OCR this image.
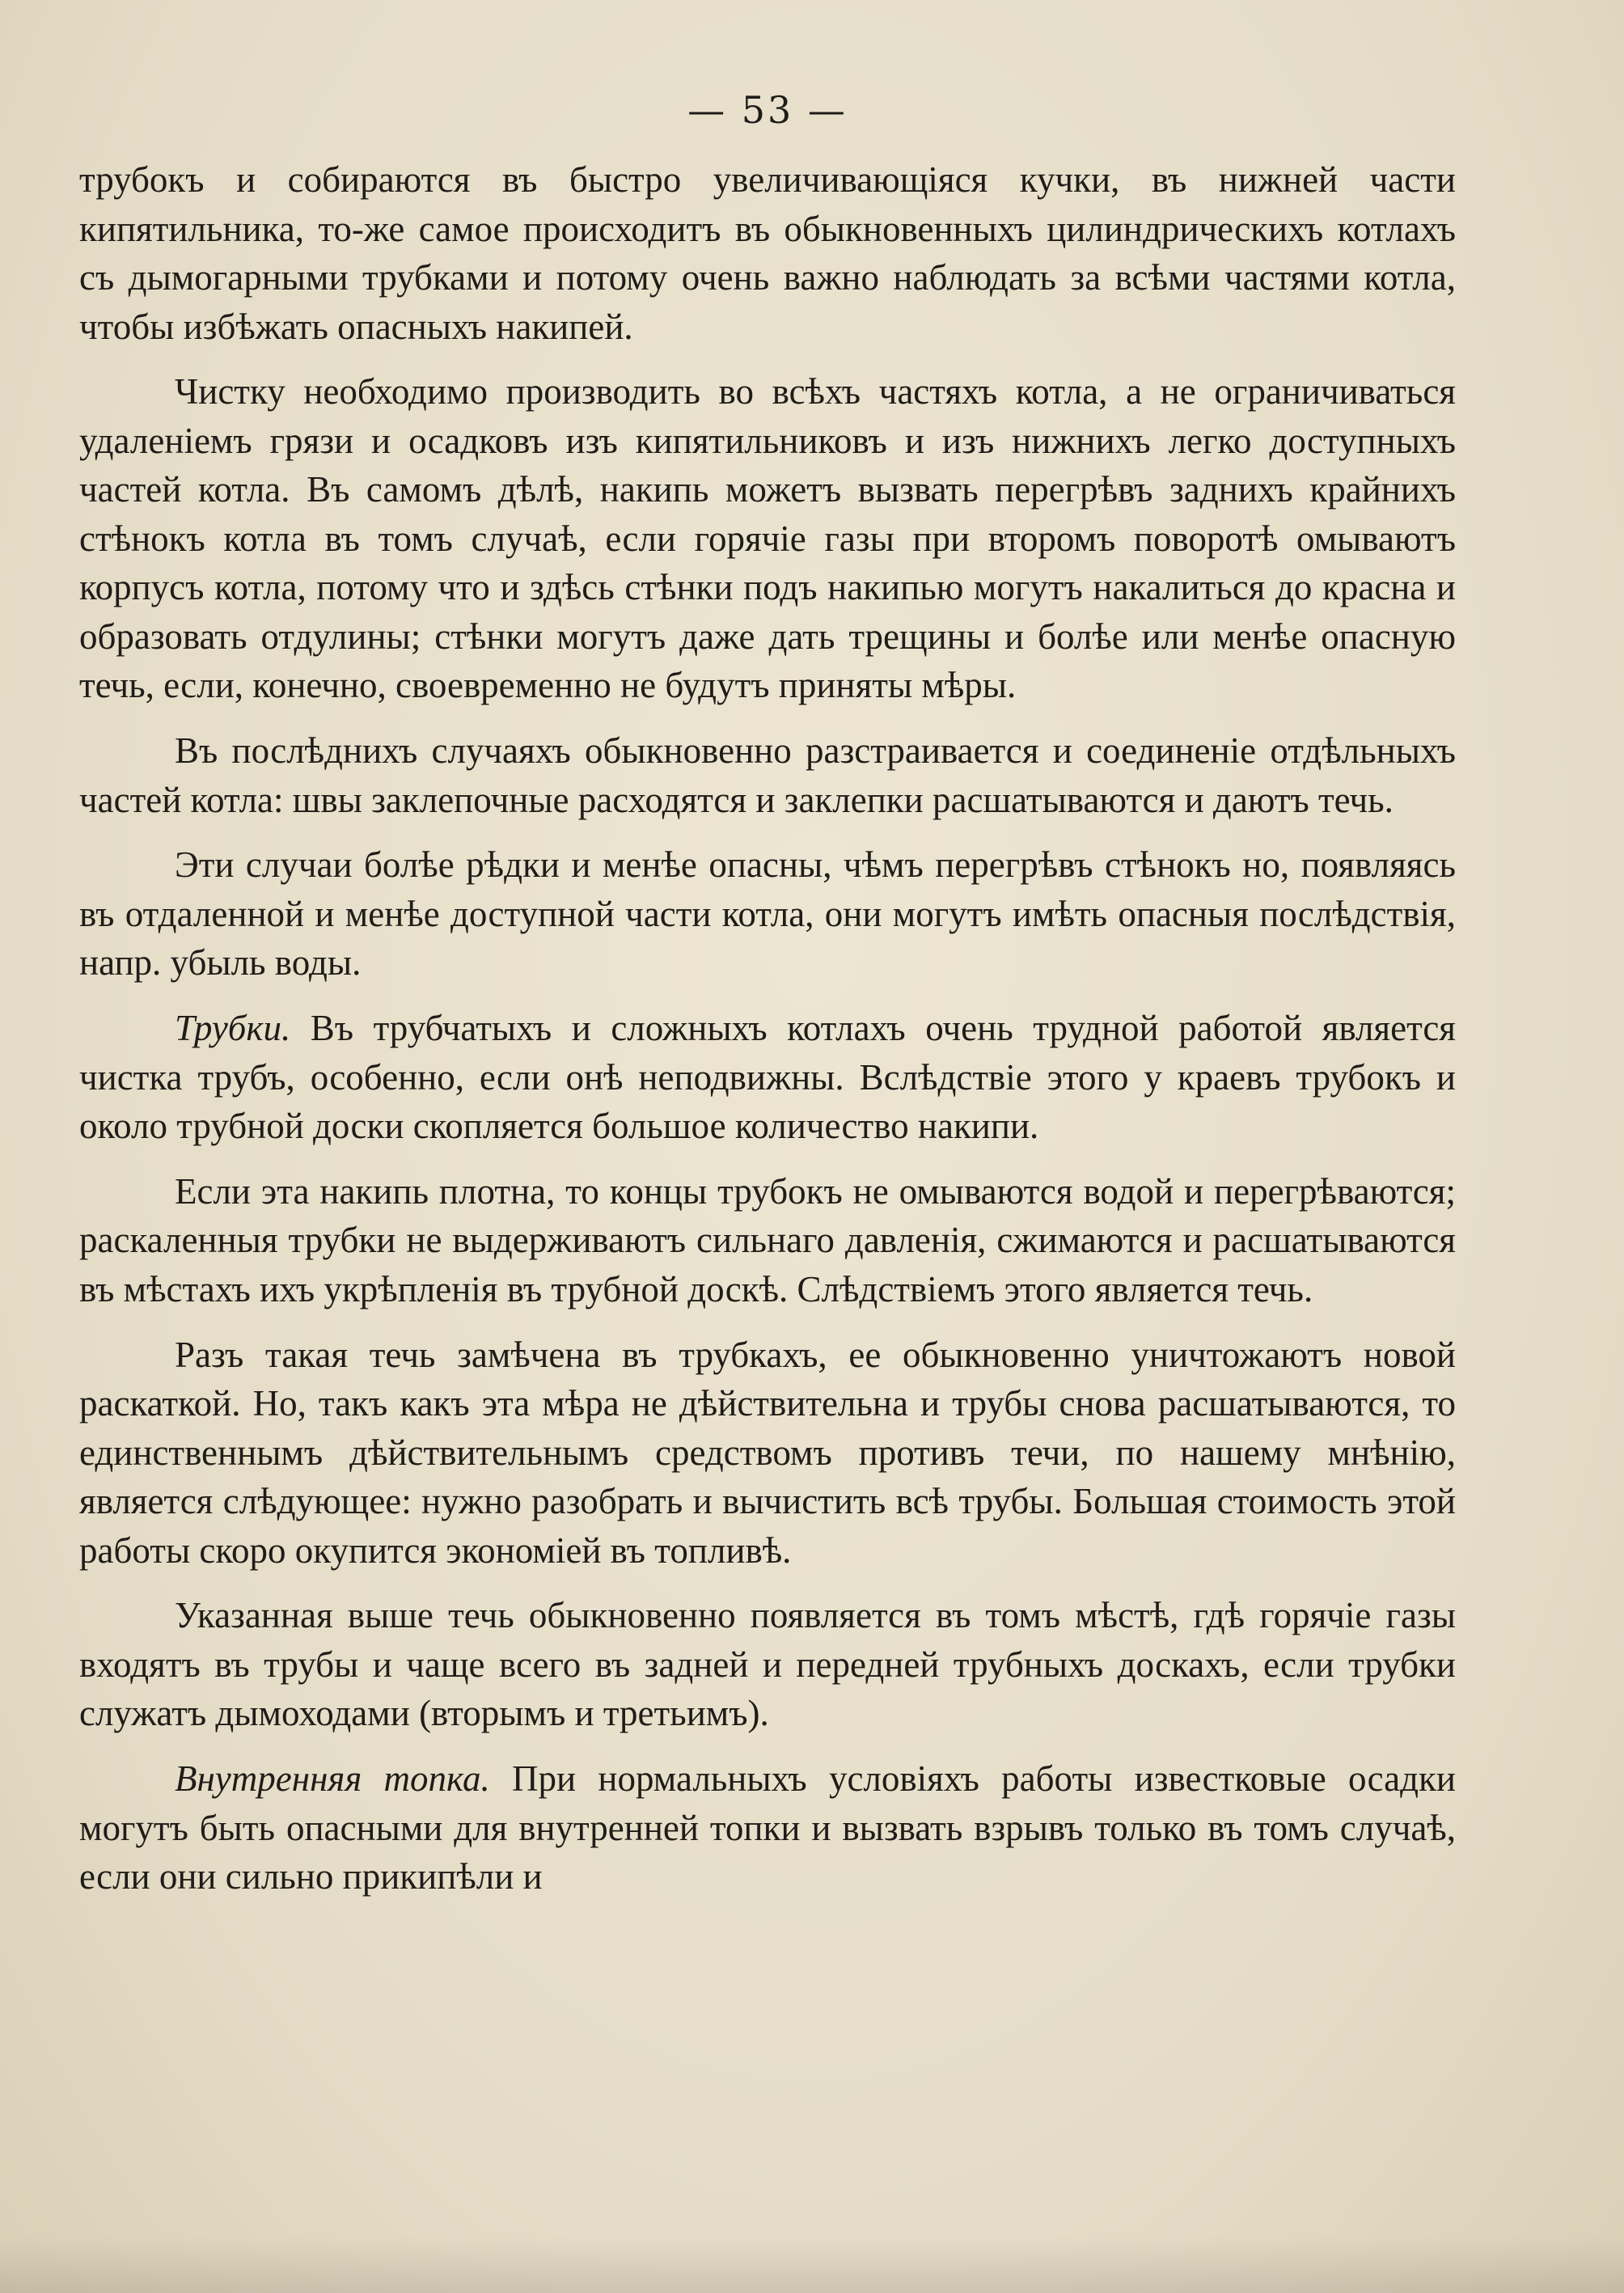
— 53 —

трубокъ и собираются въ быстро увеличивающіяся кучки, въ нижней части кипятильника, то-же самое происходитъ въ обыкновенныхъ цилиндрическихъ котлахъ съ дымогарными трубками и потому очень важно наблюдать за всѣми частями котла, чтобы избѣжать опасныхъ накипей.

Чистку необходимо производить во всѣхъ частяхъ котла, а не ограничиваться удаленіемъ грязи и осадковъ изъ кипятильниковъ и изъ нижнихъ легко доступныхъ частей котла. Въ самомъ дѣлѣ, накипь можетъ вызвать перегрѣвъ заднихъ крайнихъ стѣнокъ котла въ томъ случаѣ, если горячіе газы при второмъ поворотѣ омываютъ корпусъ котла, потому что и здѣсь стѣнки подъ накипью могутъ накалиться до красна и образовать отдулины; стѣнки могутъ даже дать трещины и болѣе или менѣе опасную течь, если, конечно, своевременно не будутъ приняты мѣры.

Въ послѣднихъ случаяхъ обыкновенно разстраивается и соединеніе отдѣльныхъ частей котла: швы заклепочные расходятся и заклепки расшатываются и даютъ течь.

Эти случаи болѣе рѣдки и менѣе опасны, чѣмъ перегрѣвъ стѣнокъ но, появляясь въ отдаленной и менѣе доступной части котла, они могутъ имѣть опасныя послѣдствія, напр. убыль воды.

Трубки. Въ трубчатыхъ и сложныхъ котлахъ очень трудной работой является чистка трубъ, особенно, если онѣ неподвижны. Вслѣдствіе этого у краевъ трубокъ и около трубной доски скопляется большое количество накипи.

Если эта накипь плотна, то концы трубокъ не омываются водой и перегрѣваются; раскаленныя трубки не выдерживаютъ сильнаго давленія, сжимаются и расшатываются въ мѣстахъ ихъ укрѣпленія въ трубной доскѣ. Слѣдствіемъ этого является течь.

Разъ такая течь замѣчена въ трубкахъ, ее обыкновенно уничтожаютъ новой раскаткой. Но, такъ какъ эта мѣра не дѣйствительна и трубы снова расшатываются, то единственнымъ дѣйствительнымъ средствомъ противъ течи, по нашему мнѣнію, является слѣдующее: нужно разобрать и вычистить всѣ трубы. Большая стоимость этой работы скоро окупится экономіей въ топливѣ.

Указанная выше течь обыкновенно появляется въ томъ мѣстѣ, гдѣ горячіе газы входятъ въ трубы и чаще всего въ задней и передней трубныхъ доскахъ, если трубки служатъ дымоходами (вторымъ и третьимъ).

Внутренняя топка. При нормальныхъ условіяхъ работы известковые осадки могутъ быть опасными для внутренней топки и вызвать взрывъ только въ томъ случаѣ, если они сильно прикипѣли и
